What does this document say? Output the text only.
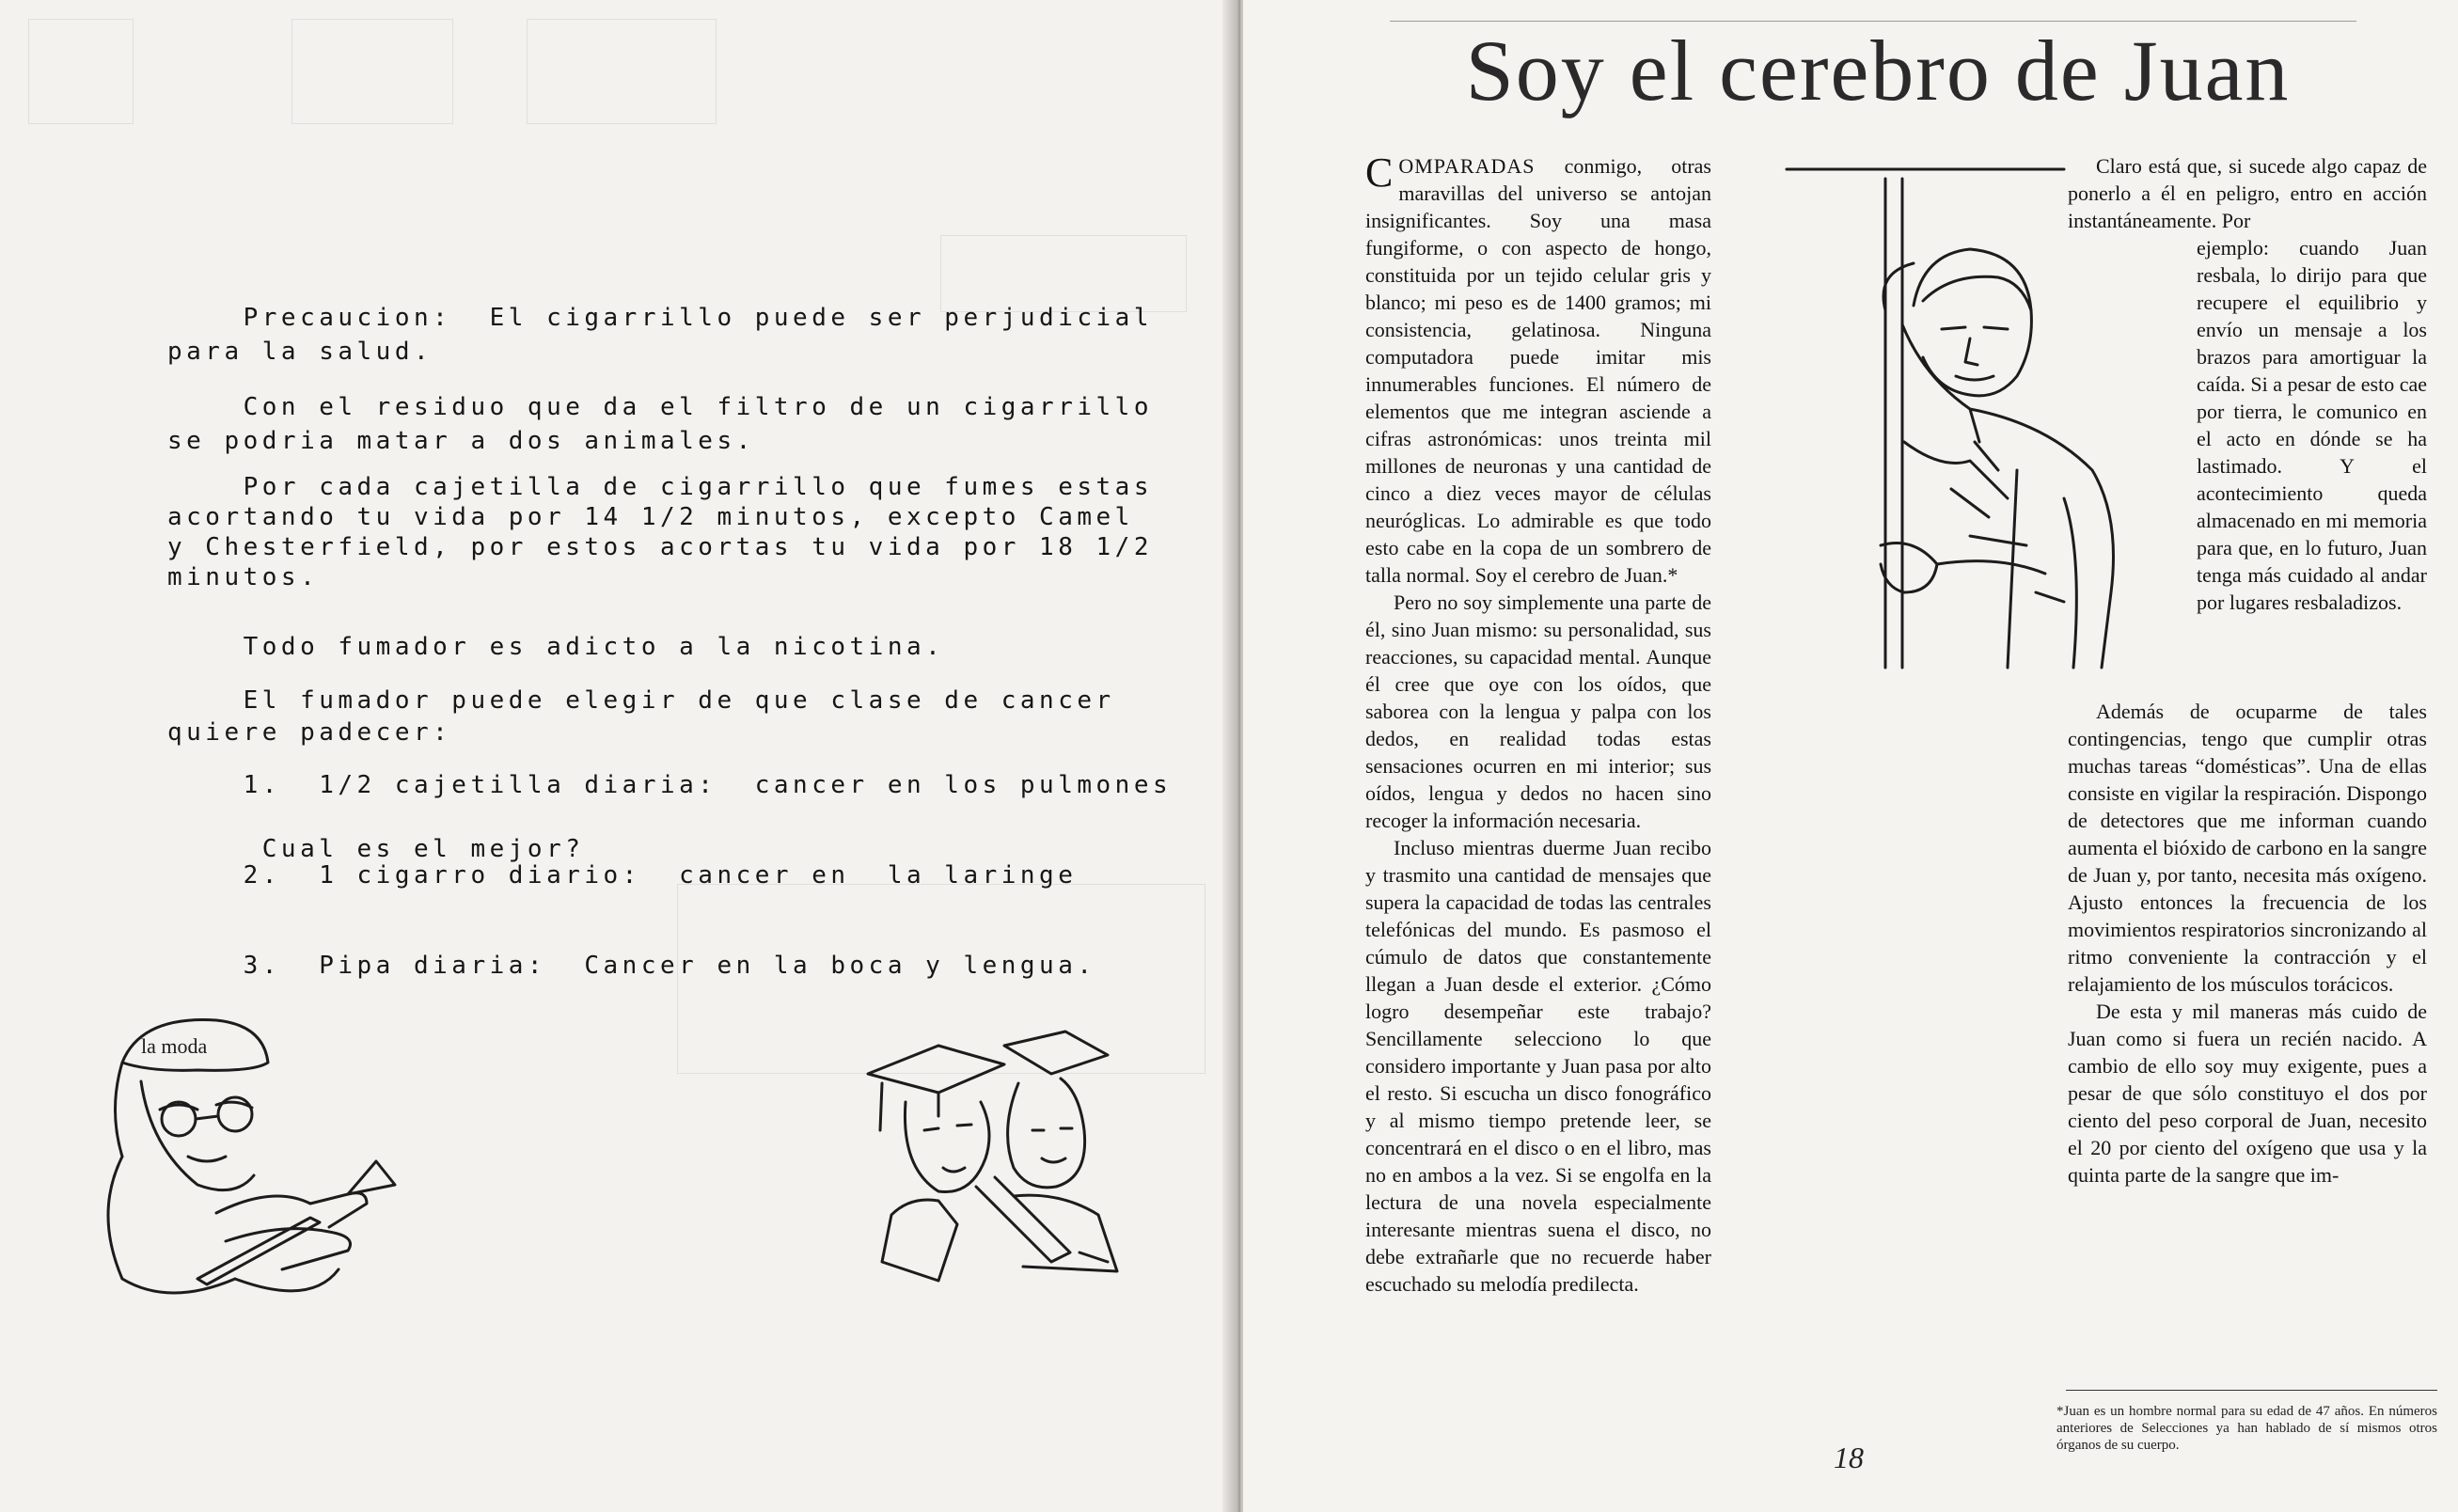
Precaucion:  El cigarrillo puede ser perjudicial
para la salud.

Con el residuo que da el filtro de un cigarrillo
se podria matar a dos animales.

Por cada cajetilla de cigarrillo que fumes estas
acortando tu vida por 14 1/2 minutos, excepto Camel
y Chesterfield, por estos acortas tu vida por 18 1/2
minutos.

Todo fumador es adicto a la nicotina.

El fumador puede elegir de que clase de cancer
quiere padecer:

1.  1/2 cajetilla diaria:  cancer en los pulmones

2.  1 cigarro diario:  cancer en  la laringe

3.  Pipa diaria:  Cancer en la boca y lengua.

Cual es el mejor?
la moda
Soy el cerebro de Juan

COMPARADAS conmigo, otras maravillas del universo se antojan insignificantes. Soy una masa fungiforme, o con aspecto de hongo, constituida por un tejido celular gris y blanco; mi peso es de 1400 gramos; mi consistencia, gelatinosa. Ninguna computadora puede imitar mis innumerables funciones. El número de elementos que me integran asciende a cifras astronómicas: unos treinta mil millones de neuronas y una cantidad de cinco a diez veces mayor de células neuróglicas. Lo admirable es que todo esto cabe en la copa de un sombrero de talla normal. Soy el cerebro de Juan.*

Pero no soy simplemente una parte de él, sino Juan mismo: su personalidad, sus reacciones, su capacidad mental. Aunque él cree que oye con los oídos, que saborea con la lengua y palpa con los dedos, en realidad todas estas sensaciones ocurren en mi interior; sus oídos, lengua y dedos no hacen sino recoger la información necesaria.

Incluso mientras duerme Juan recibo y trasmito una cantidad de mensajes que supera la capacidad de todas las centrales telefónicas del mundo. Es pasmoso el cúmulo de datos que constantemente llegan a Juan desde el exterior. ¿Cómo logro desempeñar este trabajo? Sencillamente selecciono lo que considero importante y Juan pasa por alto el resto. Si escucha un disco fonográfico y al mismo tiempo pretende leer, se concentrará en el disco o en el libro, mas no en ambos a la vez. Si se engolfa en la lectura de una novela especialmente interesante mientras suena el disco, no debe extrañarle que no recuerde haber escuchado su melodía predilecta.

Claro está que, si sucede algo capaz de ponerlo a él en peligro, entro en acción instantáneamente. Por

ejemplo: cuando Juan resbala, lo dirijo para que recupere el equilibrio y envío un mensaje a los brazos para amortiguar la caída. Si a pesar de esto cae por tierra, le comunico en el acto en dónde se ha lastimado. Y el acontecimiento queda almacenado en mi memoria para que, en lo futuro, Juan tenga más cuidado al andar por lugares resbaladizos.

Además de ocuparme de tales contingencias, tengo que cumplir otras muchas tareas “domésticas”. Una de ellas consiste en vigilar la respiración. Dispongo de detectores que me informan cuando aumenta el bióxido de carbono en la sangre de Juan y, por tanto, necesita más oxígeno. Ajusto entonces la frecuencia de los movimientos respiratorios sincronizando al ritmo conveniente la contracción y el relajamiento de los músculos torácicos.

De esta y mil maneras más cuido de Juan como si fuera un recién nacido. A cambio de ello soy muy exigente, pues a pesar de que sólo constituyo el dos por ciento del peso corporal de Juan, necesito el 20 por ciento del oxígeno que usa y la quinta parte de la sangre que im-

*Juan es un hombre normal para su edad de 47 años. En números anteriores de Selecciones ya han hablado de sí mismos otros órganos de su cuerpo.
18
